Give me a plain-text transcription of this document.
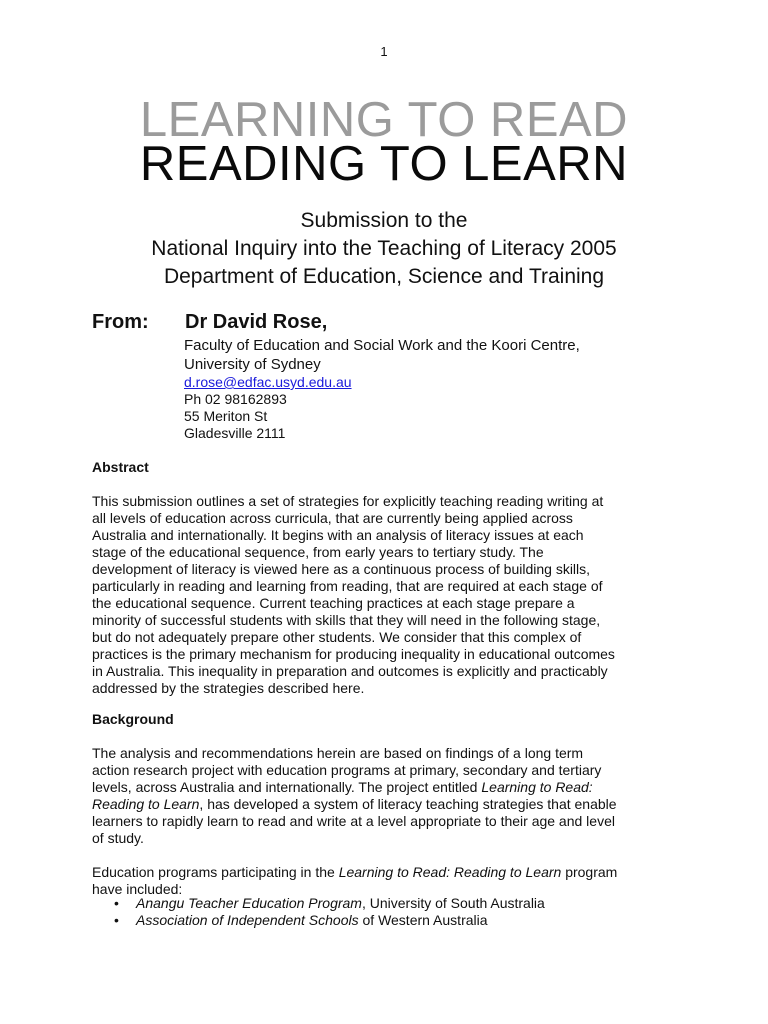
1
LEARNING TO READ
READING TO LEARN
Submission to the
National Inquiry into the Teaching of Literacy 2005
Department of Education, Science and Training
From: Dr David Rose,
Faculty of Education and Social Work and the Koori Centre,
University of Sydney
d.rose@edfac.usyd.edu.au
Ph 02 98162893
55 Meriton St
Gladesville 2111
Abstract
This submission outlines a set of strategies for explicitly teaching reading writing at
all levels of education across curricula, that are currently being applied across
Australia and internationally. It begins with an analysis of literacy issues at each
stage of the educational sequence, from early years to tertiary study. The
development of literacy is viewed here as a continuous process of building skills,
particularly in reading and learning from reading, that are required at each stage of
the educational sequence. Current teaching practices at each stage prepare a
minority of successful students with skills that they will need in the following stage,
but do not adequately prepare other students. We consider that this complex of
practices is the primary mechanism for producing inequality in educational outcomes
in Australia. This inequality in preparation and outcomes is explicitly and practicably
addressed by the strategies described here.
Background
The analysis and recommendations herein are based on findings of a long term
action research project with education programs at primary, secondary and tertiary
levels, across Australia and internationally. The project entitled Learning to Read:
Reading to Learn, has developed a system of literacy teaching strategies that enable
learners to rapidly learn to read and write at a level appropriate to their age and level
of study.
Education programs participating in the Learning to Read: Reading to Learn program
have included:
• Anangu Teacher Education Program, University of South Australia
• Association of Independent Schools of Western Australia
